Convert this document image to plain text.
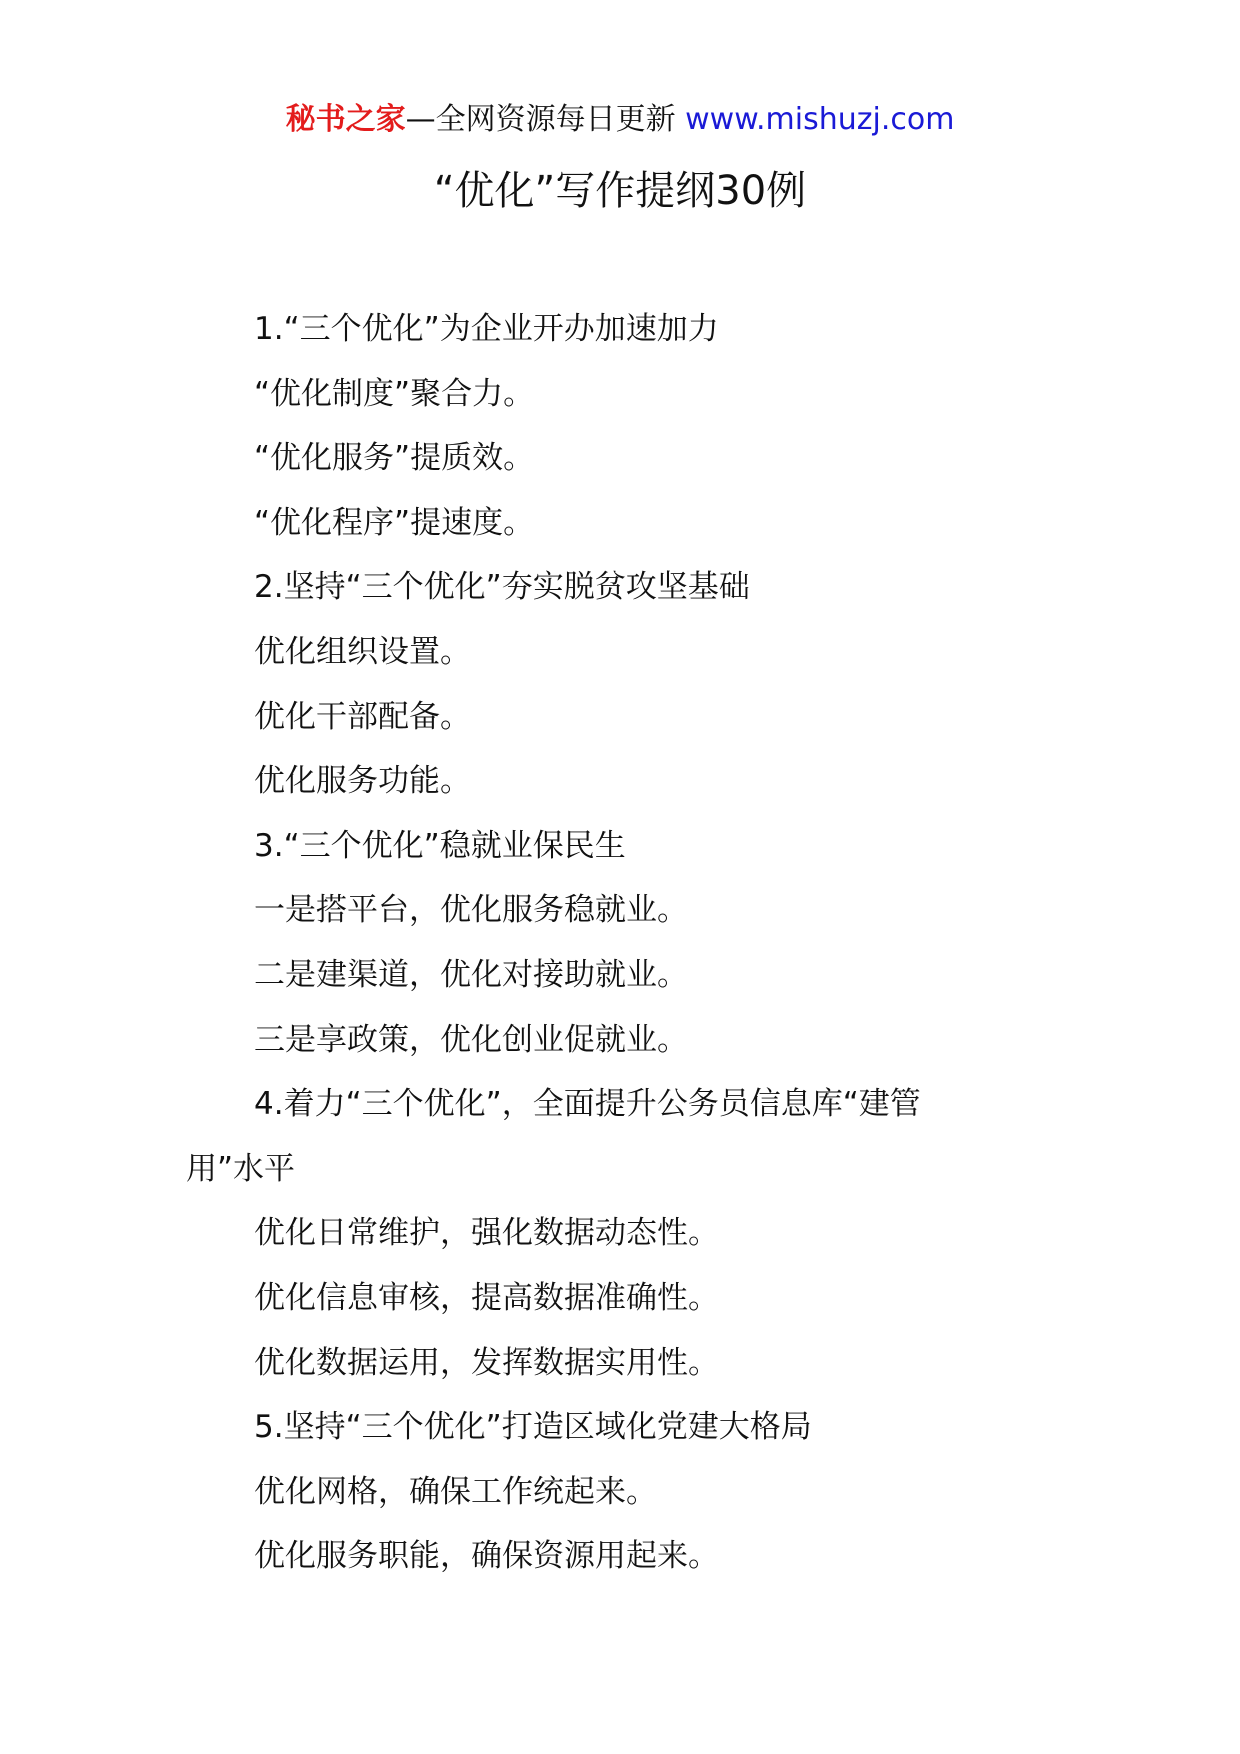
秘书之家—全网资源每日更新 www.mishuzj.com
“优化”写作提纲30例
1.“三个优化”为企业开办加速加力
“优化制度”聚合力。
“优化服务”提质效。
“优化程序”提速度。
2.坚持“三个优化”夯实脱贫攻坚基础
优化组织设置。
优化干部配备。
优化服务功能。
3.“三个优化”稳就业保民生
一是搭平台，优化服务稳就业。
二是建渠道，优化对接助就业。
三是享政策，优化创业促就业。
4.着力“三个优化”，全面提升公务员信息库“建管
用”水平
优化日常维护，强化数据动态性。
优化信息审核，提高数据准确性。
优化数据运用，发挥数据实用性。
5.坚持“三个优化”打造区域化党建大格局
优化网格，确保工作统起来。
优化服务职能，确保资源用起来。
